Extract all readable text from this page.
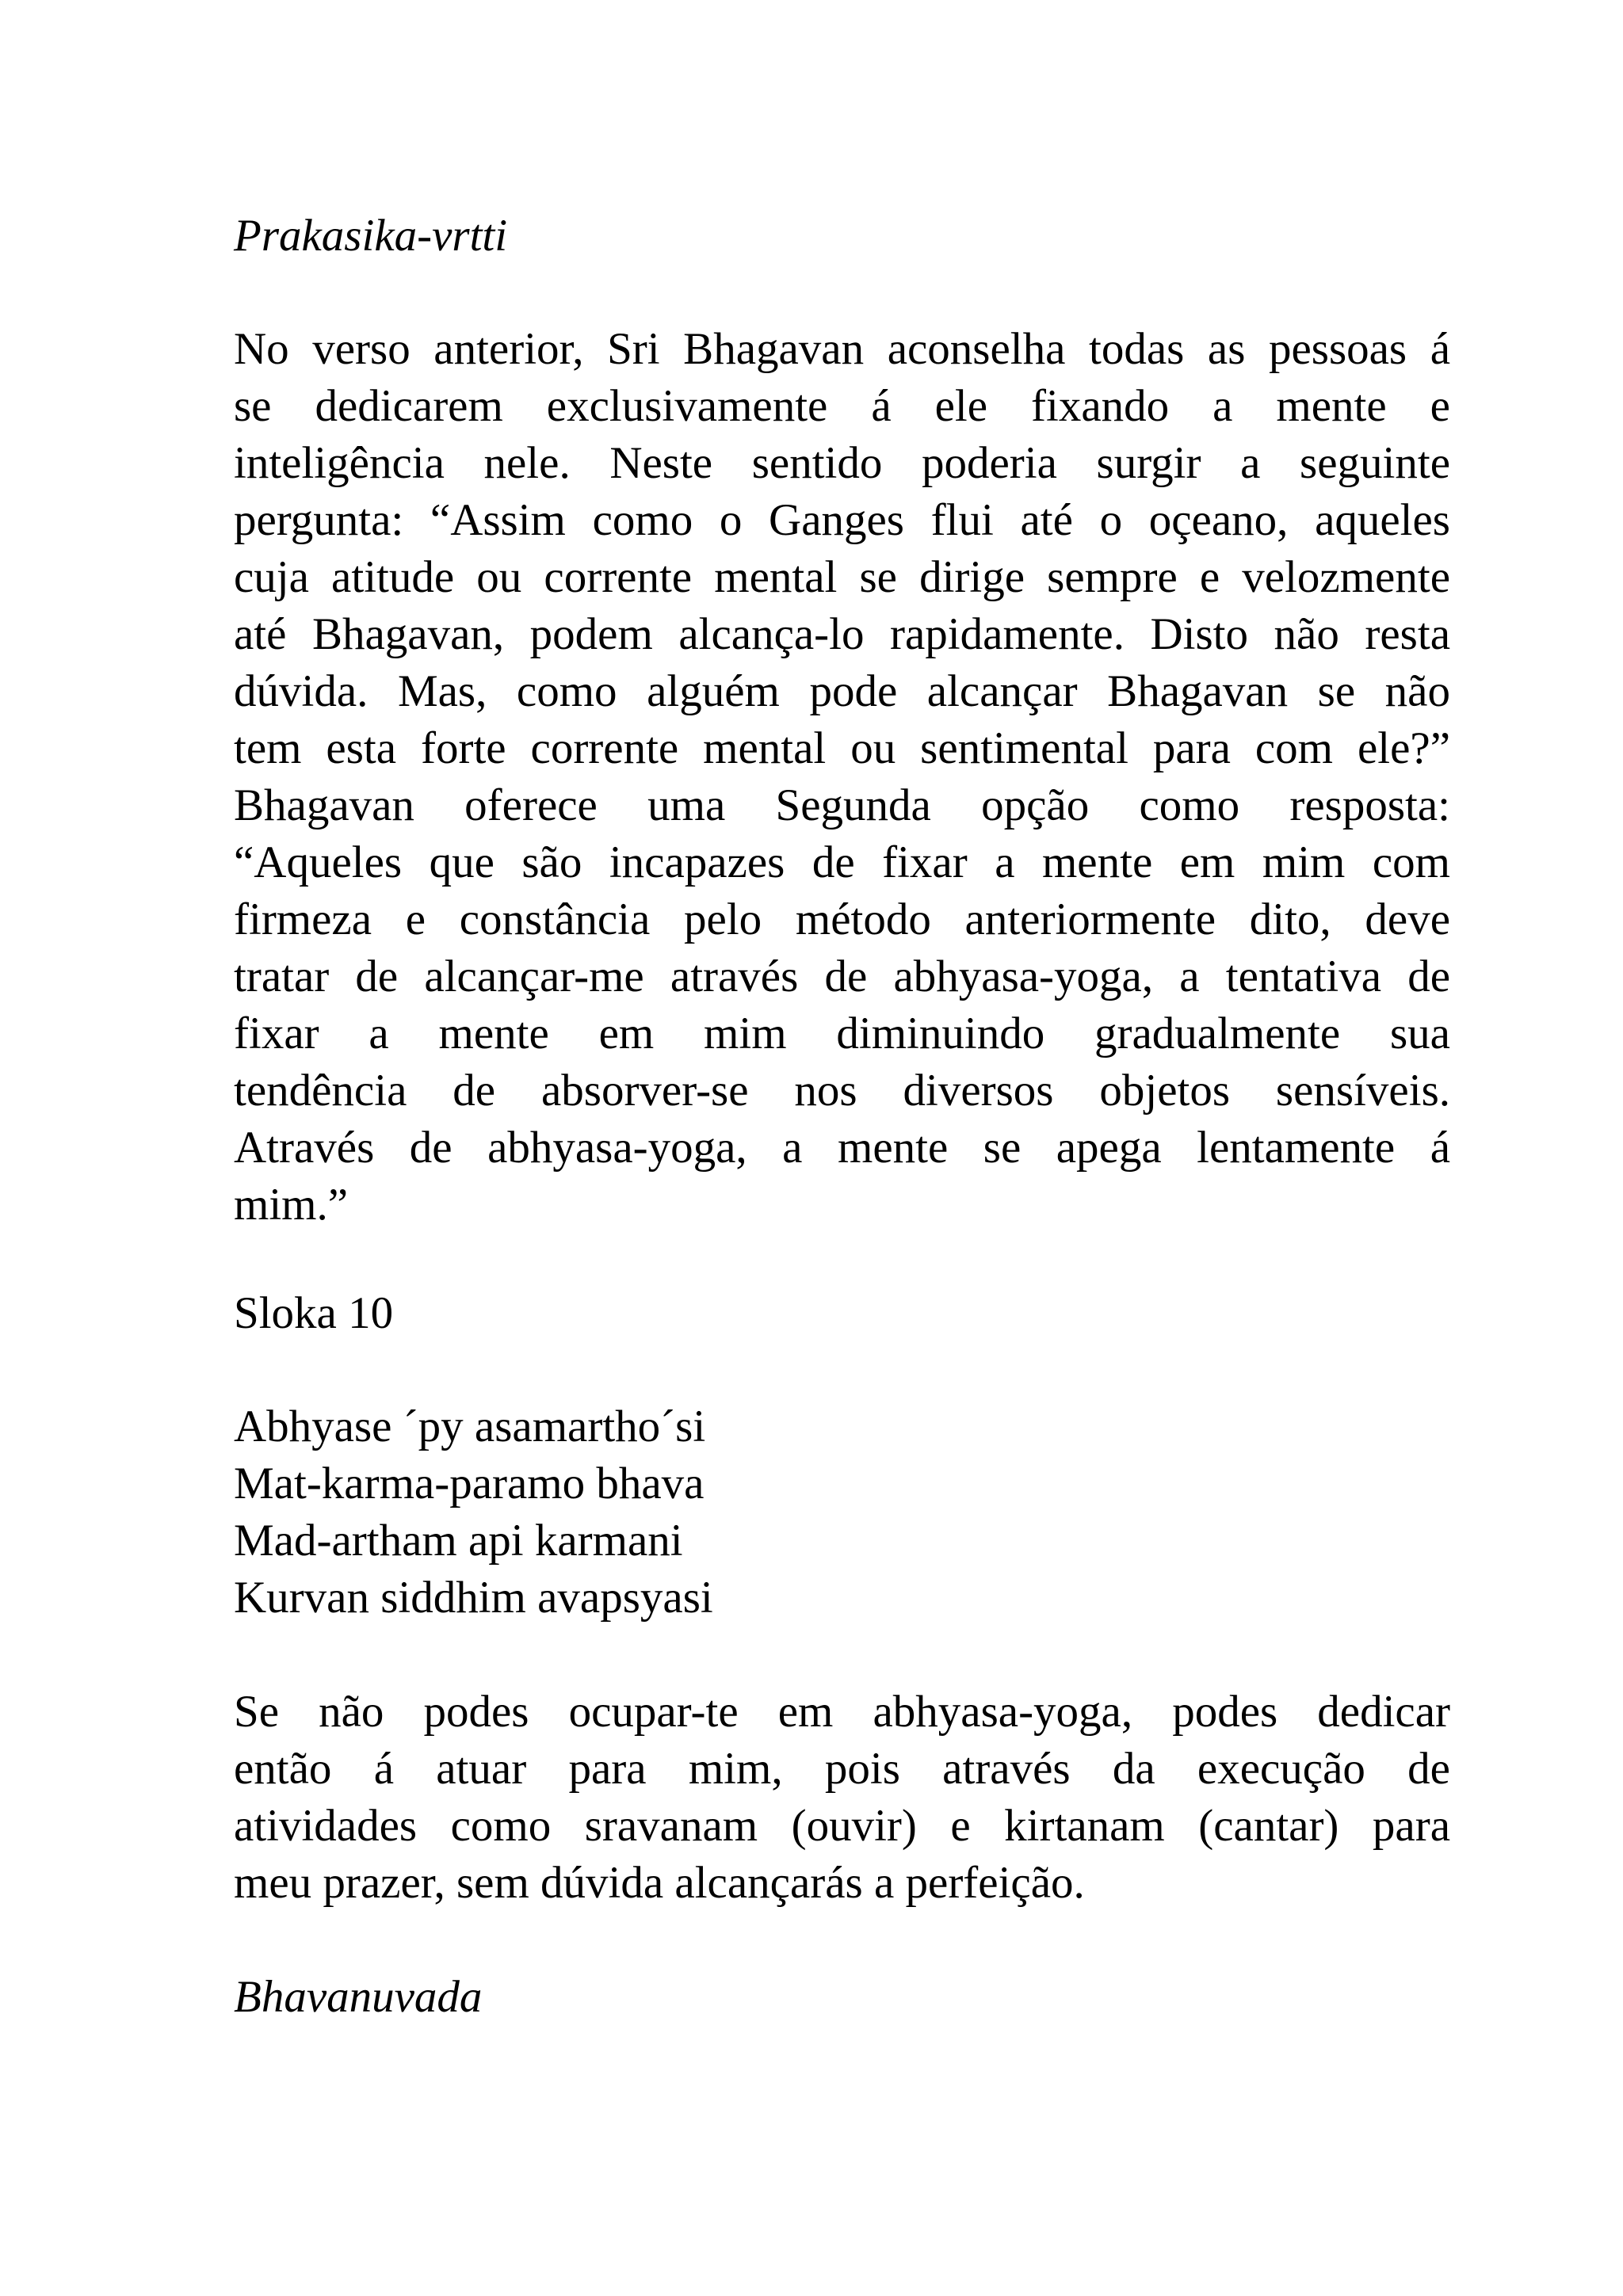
Prakasika-vrtti

No verso anterior, Sri Bhagavan aconselha todas as pessoas á
se dedicarem exclusivamente á ele fixando a mente e
inteligência nele. Neste sentido poderia surgir a seguinte
pergunta: “Assim como o Ganges flui até o oçeano, aqueles
cuja atitude ou corrente mental se dirige sempre e velozmente
até Bhagavan, podem alcança-lo rapidamente. Disto não resta
dúvida. Mas, como alguém pode alcançar Bhagavan se não
tem esta forte corrente mental ou sentimental para com ele?”
Bhagavan oferece uma Segunda opção como resposta:
“Aqueles que são incapazes de fixar a mente em mim com
firmeza e constância pelo método anteriormente dito, deve
tratar de alcançar-me através de abhyasa-yoga, a tentativa de
fixar a mente em mim diminuindo gradualmente sua
tendência de absorver-se nos diversos objetos sensíveis.
Através de abhyasa-yoga, a mente se apega lentamente á
mim.”

Sloka 10

Abhyase ´py asamartho´si
Mat-karma-paramo bhava
Mad-artham api karmani
Kurvan siddhim avapsyasi
Se não podes ocupar-te em abhyasa-yoga, podes dedicar
então á atuar para mim, pois através da execução de
atividades como sravanam (ouvir) e kirtanam (cantar) para
meu prazer, sem dúvida alcançarás a perfeição.

Bhavanuvada
